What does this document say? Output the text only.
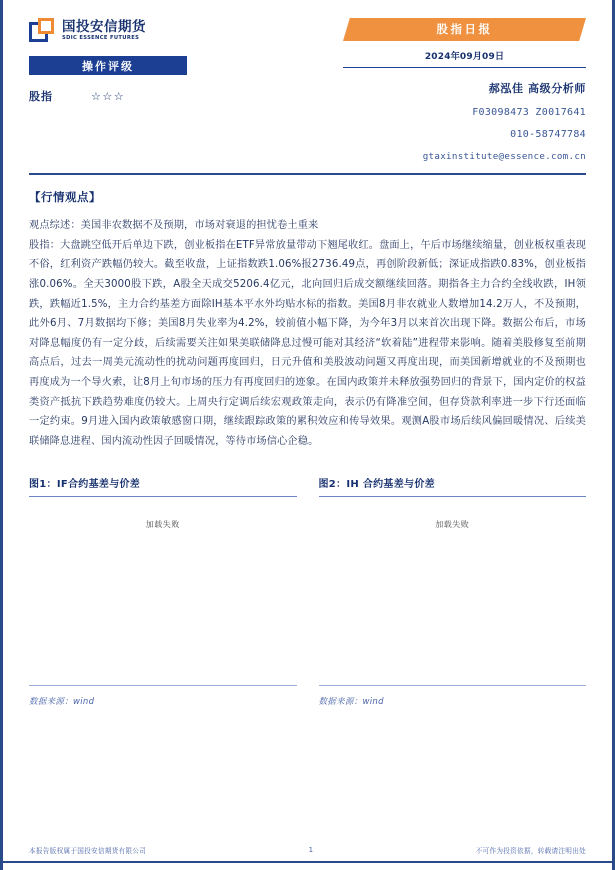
国投安信期货
SDIC ESSENCE FUTURES
操作评级
股指	☆☆☆
股指日报
2024年09月09日
郝泓佳 高级分析师
F03098473 Z0017641
010-58747784
gtaxinstitute@essence.com.cn
【行情观点】
观点综述：美国非农数据不及预期，市场对衰退的担忧卷土重来
股指：大盘跳空低开后单边下跌，创业板指在ETF异常放量带动下翘尾收红。盘面上，午后市场继续缩量，创业板权重表现不俗，红利资产跌幅仍较大。截至收盘，上证指数跌1.06%报2736.49点，再创阶段新低；深证成指跌0.83%，创业板指涨0.06%。全天3000股下跌，A股全天成交5206.4亿元，北向回归后成交额继续回落。期指各主力合约全线收跌，IH领跌，跌幅近1.5%，主力合约基差方面除IH基本平水外均贴水标的指数。美国8月非农就业人数增加14.2万人，不及预期，此外6月、7月数据均下修；美国8月失业率为4.2%，较前值小幅下降，为今年3月以来首次出现下降。数据公布后，市场对降息幅度仍有一定分歧，后续需要关注如果美联储降息过慢可能对其经济“软着陆”进程带来影响。随着美股修复至前期高点后，过去一周美元流动性的扰动问题再度回归，日元升值和美股波动问题又再度出现，而美国新增就业的不及预期也再度成为一个导火索，让8月上旬市场的压力有再度回归的迹象。在国内政策并未释放强势回归的背景下，国内定价的权益类资产抵抗下跌趋势难度仍较大。上周央行定调后续宏观政策走向，表示仍有降准空间，但存贷款利率进一步下行还面临一定约束。9月进入国内政策敏感窗口期，继续跟踪政策的累积效应和传导效果。观测A股市场后续风偏回暖情况、后续美联储降息进程、国内流动性因子回暖情况，等待市场信心企稳。
图1：IF合约基差与价差
加载失败
数据来源：wind
图2：IH 合约基差与价差
加载失败
数据来源：wind
本报告版权属于国投安信期货有限公司	1	不可作为投资依据，转载请注明出处
